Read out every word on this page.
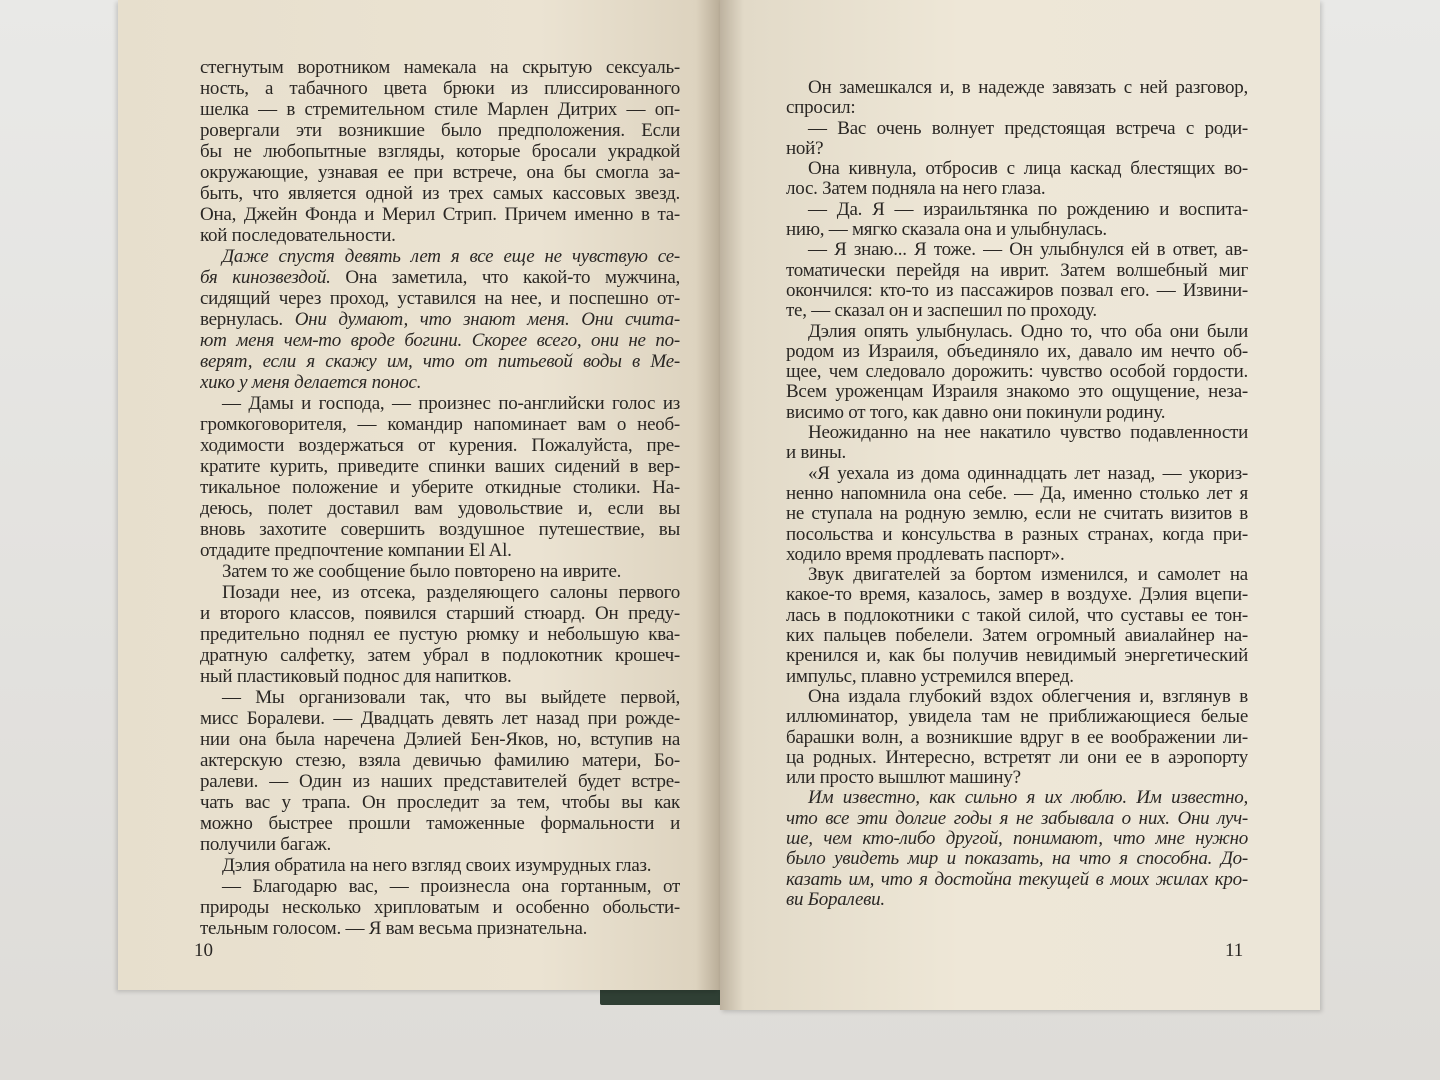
стегнутым воротником намекала на скрытую сексуаль-
ность, а табачного цвета брюки из плиссированного
шелка — в стремительном стиле Марлен Дитрих — оп-
ровергали эти возникшие было предположения. Если
бы не любопытные взгляды, которые бросали украдкой
окружающие, узнавая ее при встрече, она бы смогла за-
быть, что является одной из трех самых кассовых звезд.
Она, Джейн Фонда и Мерил Стрип. Причем именно в та-
кой последовательности.
Даже спустя девять лет я все еще не чувствую се-
бя кинозвездой. Она заметила, что какой-то мужчина,
сидящий через проход, уставился на нее, и поспешно от-
вернулась. Они думают, что знают меня. Они счита-
ют меня чем-то вроде богини. Скорее всего, они не по-
верят, если я скажу им, что от питьевой воды в Ме-
хико у меня делается понос.
— Дамы и господа, — произнес по-английски голос из
громкоговорителя, — командир напоминает вам о необ-
ходимости воздержаться от курения. Пожалуйста, пре-
кратите курить, приведите спинки ваших сидений в вер-
тикальное положение и уберите откидные столики. На-
деюсь, полет доставил вам удовольствие и, если вы
вновь захотите совершить воздушное путешествие, вы
отдадите предпочтение компании El Al.
Затем то же сообщение было повторено на иврите.
Позади нее, из отсека, разделяющего салоны первого
и второго классов, появился старший стюард. Он преду-
предительно поднял ее пустую рюмку и небольшую ква-
дратную салфетку, затем убрал в подлокотник крошеч-
ный пластиковый поднос для напитков.
— Мы организовали так, что вы выйдете первой,
мисс Боралеви. — Двадцать девять лет назад при рожде-
нии она была наречена Дэлией Бен-Яков, но, вступив на
актерскую стезю, взяла девичью фамилию матери, Бо-
ралеви. — Один из наших представителей будет встре-
чать вас у трапа. Он проследит за тем, чтобы вы как
можно быстрее прошли таможенные формальности и
получили багаж.
Дэлия обратила на него взгляд своих изумрудных глаз.
— Благодарю вас, — произнесла она гортанным, от
природы несколько хрипловатым и особенно обольсти-
тельным голосом. — Я вам весьма признательна.
10
Он замешкался и, в надежде завязать с ней разговор,
спросил:
— Вас очень волнует предстоящая встреча с роди-
ной?
Она кивнула, отбросив с лица каскад блестящих во-
лос. Затем подняла на него глаза.
— Да. Я — израильтянка по рождению и воспита-
нию, — мягко сказала она и улыбнулась.
— Я знаю... Я тоже. — Он улыбнулся ей в ответ, ав-
томатически перейдя на иврит. Затем волшебный миг
окончился: кто-то из пассажиров позвал его. — Извини-
те, — сказал он и заспешил по проходу.
Дэлия опять улыбнулась. Одно то, что оба они были
родом из Израиля, объединяло их, давало им нечто об-
щее, чем следовало дорожить: чувство особой гордости.
Всем уроженцам Израиля знакомо это ощущение, неза-
висимо от того, как давно они покинули родину.
Неожиданно на нее накатило чувство подавленности
и вины.
«Я уехала из дома одиннадцать лет назад, — укориз-
ненно напомнила она себе. — Да, именно столько лет я
не ступала на родную землю, если не считать визитов в
посольства и консульства в разных странах, когда при-
ходило время продлевать паспорт».
Звук двигателей за бортом изменился, и самолет на
какое-то время, казалось, замер в воздухе. Дэлия вцепи-
лась в подлокотники с такой силой, что суставы ее тон-
ких пальцев побелели. Затем огромный авиалайнер на-
кренился и, как бы получив невидимый энергетический
импульс, плавно устремился вперед.
Она издала глубокий вздох облегчения и, взглянув в
иллюминатор, увидела там не приближающиеся белые
барашки волн, а возникшие вдруг в ее воображении ли-
ца родных. Интересно, встретят ли они ее в аэропорту
или просто вышлют машину?
Им известно, как сильно я их люблю. Им известно,
что все эти долгие годы я не забывала о них. Они луч-
ше, чем кто-либо другой, понимают, что мне нужно
было увидеть мир и показать, на что я способна. До-
казать им, что я достойна текущей в моих жилах кро-
ви Боралеви.
11
